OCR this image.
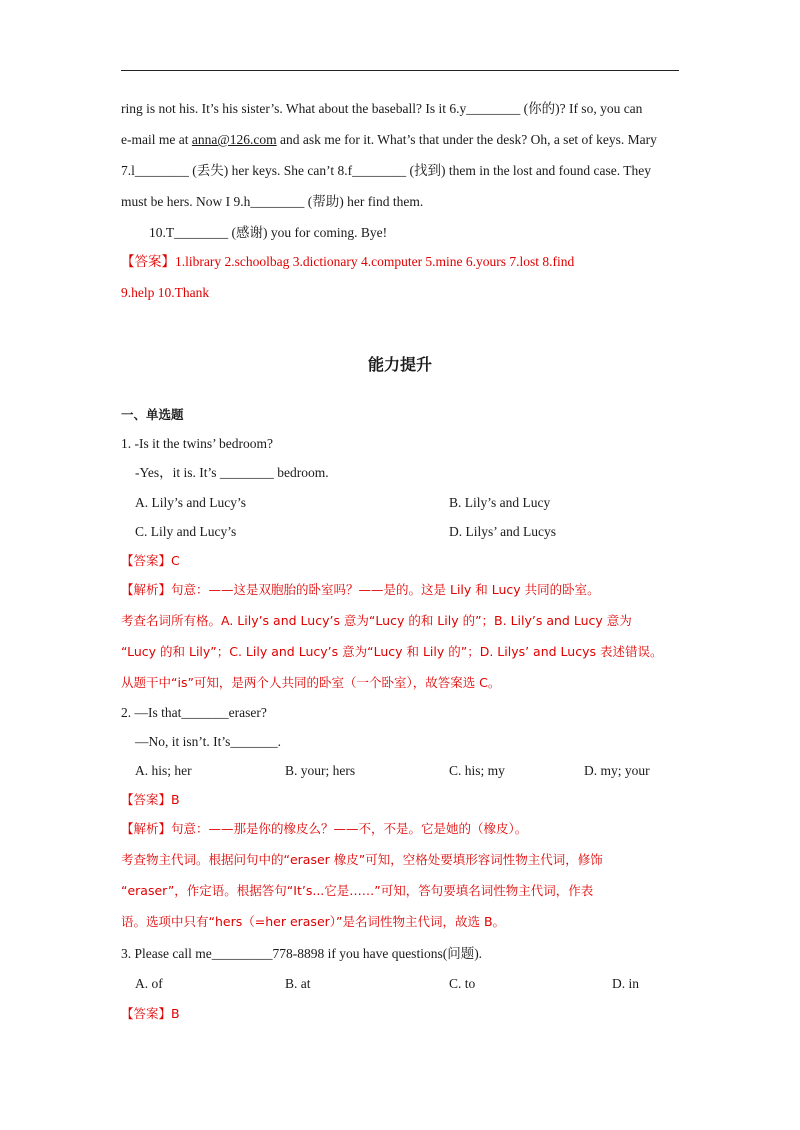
ring is not his. It’s his sister’s. What about the baseball? Is it 6.y________ (你的)? If so, you can
e-mail me at anna@126.com and ask me for it. What’s that under the desk? Oh, a set of keys. Mary
7.l________ (丢失) her keys. She can’t 8.f________ (找到) them in the lost and found case. They
must be hers. Now I 9.h________ (帮助) her find them.
10.T________ (感谢) you for coming. Bye!
【答案】1.library 2.schoolbag 3.dictionary 4.computer 5.mine 6.yours 7.lost 8.find
9.help 10.Thank
能力提升
一、单选题
1. -Is it the twins’ bedroom?
-Yes，it is. It’s ________ bedroom.
A. Lily’s and Lucy’s	B. Lily’s and Lucy
C. Lily and Lucy’s	D. Lilys’ and Lucys
【答案】C
【解析】句意：——这是双胞胎的卧室吗？——是的。这是 Lily 和 Lucy 共同的卧室。
考查名词所有格。A. Lily’s and Lucy’s 意为“Lucy 的和 Lily 的”；B. Lily’s and Lucy 意为
“Lucy 的和 Lily”；C. Lily and Lucy’s 意为“Lucy 和 Lily 的”；D. Lilys’ and Lucys 表述错误。
从题干中“is”可知，是两个人共同的卧室（一个卧室），故答案选 C。
2. —Is that_______eraser?
—No, it isn’t. It’s_______.
A. his; her	B. your; hers	C. his; my	D. my; your
【答案】B
【解析】句意：——那是你的橡皮么？——不，不是。它是她的（橡皮）。
考查物主代词。根据问句中的“eraser 橡皮”可知，空格处要填形容词性物主代词，修饰
“eraser”，作定语。根据答句“It’s...它是……”可知，答句要填名词性物主代词，作表
语。选项中只有“hers（=her eraser）”是名词性物主代词，故选 B。
3. Please call me_________778-8898 if you have questions(问题).
A. of	B. at	C. to	D. in
【答案】B
